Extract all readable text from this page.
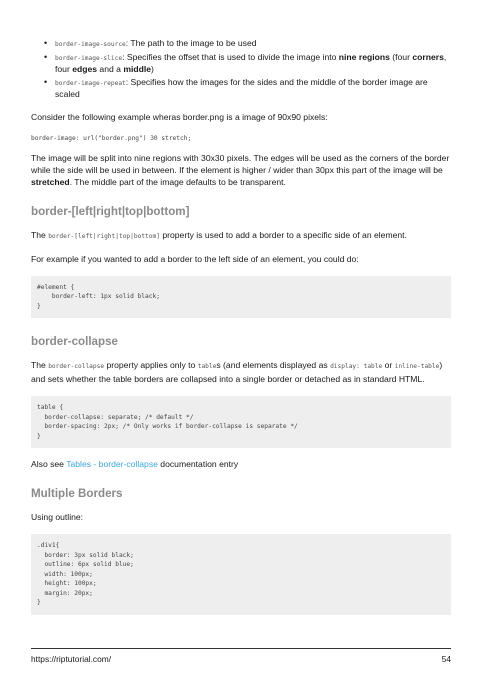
• border-image-source: The path to the image to be used
• border-image-slice: Specifies the offset that is used to divide the image into nine regions (four corners, four edges and a middle)
• border-image-repeat: Specifies how the images for the sides and the middle of the border image are scaled

Consider the following example wheras border.png is a image of 90x90 pixels:

border-image: url("border.png") 30 stretch;

The image will be split into nine regions with 30x30 pixels. The edges will be used as the corners of the border while the side will be used in between. If the element is higher / wider than 30px this part of the image will be stretched. The middle part of the image defaults to be transparent.

border-[left|right|top|bottom]

The border-[left|right|top|bottom] property is used to add a border to a specific side of an element.

For example if you wanted to add a border to the left side of an element, you could do:

#element {
border-left: 1px solid black;
}
border-collapse

The border-collapse property applies only to tables (and elements displayed as display: table or inline-table) and sets whether the table borders are collapsed into a single border or detached as in standard HTML.

table {
border-collapse: separate; /* default */
border-spacing: 2px; /* Only works if border-collapse is separate */
}

Also see Tables - border-collapse documentation entry

Multiple Borders

Using outline:

.div1{
border: 3px solid black;
outline: 6px solid blue;
width: 100px;
height: 100px;
margin: 20px;
}
https://riptutorial.com/	54
